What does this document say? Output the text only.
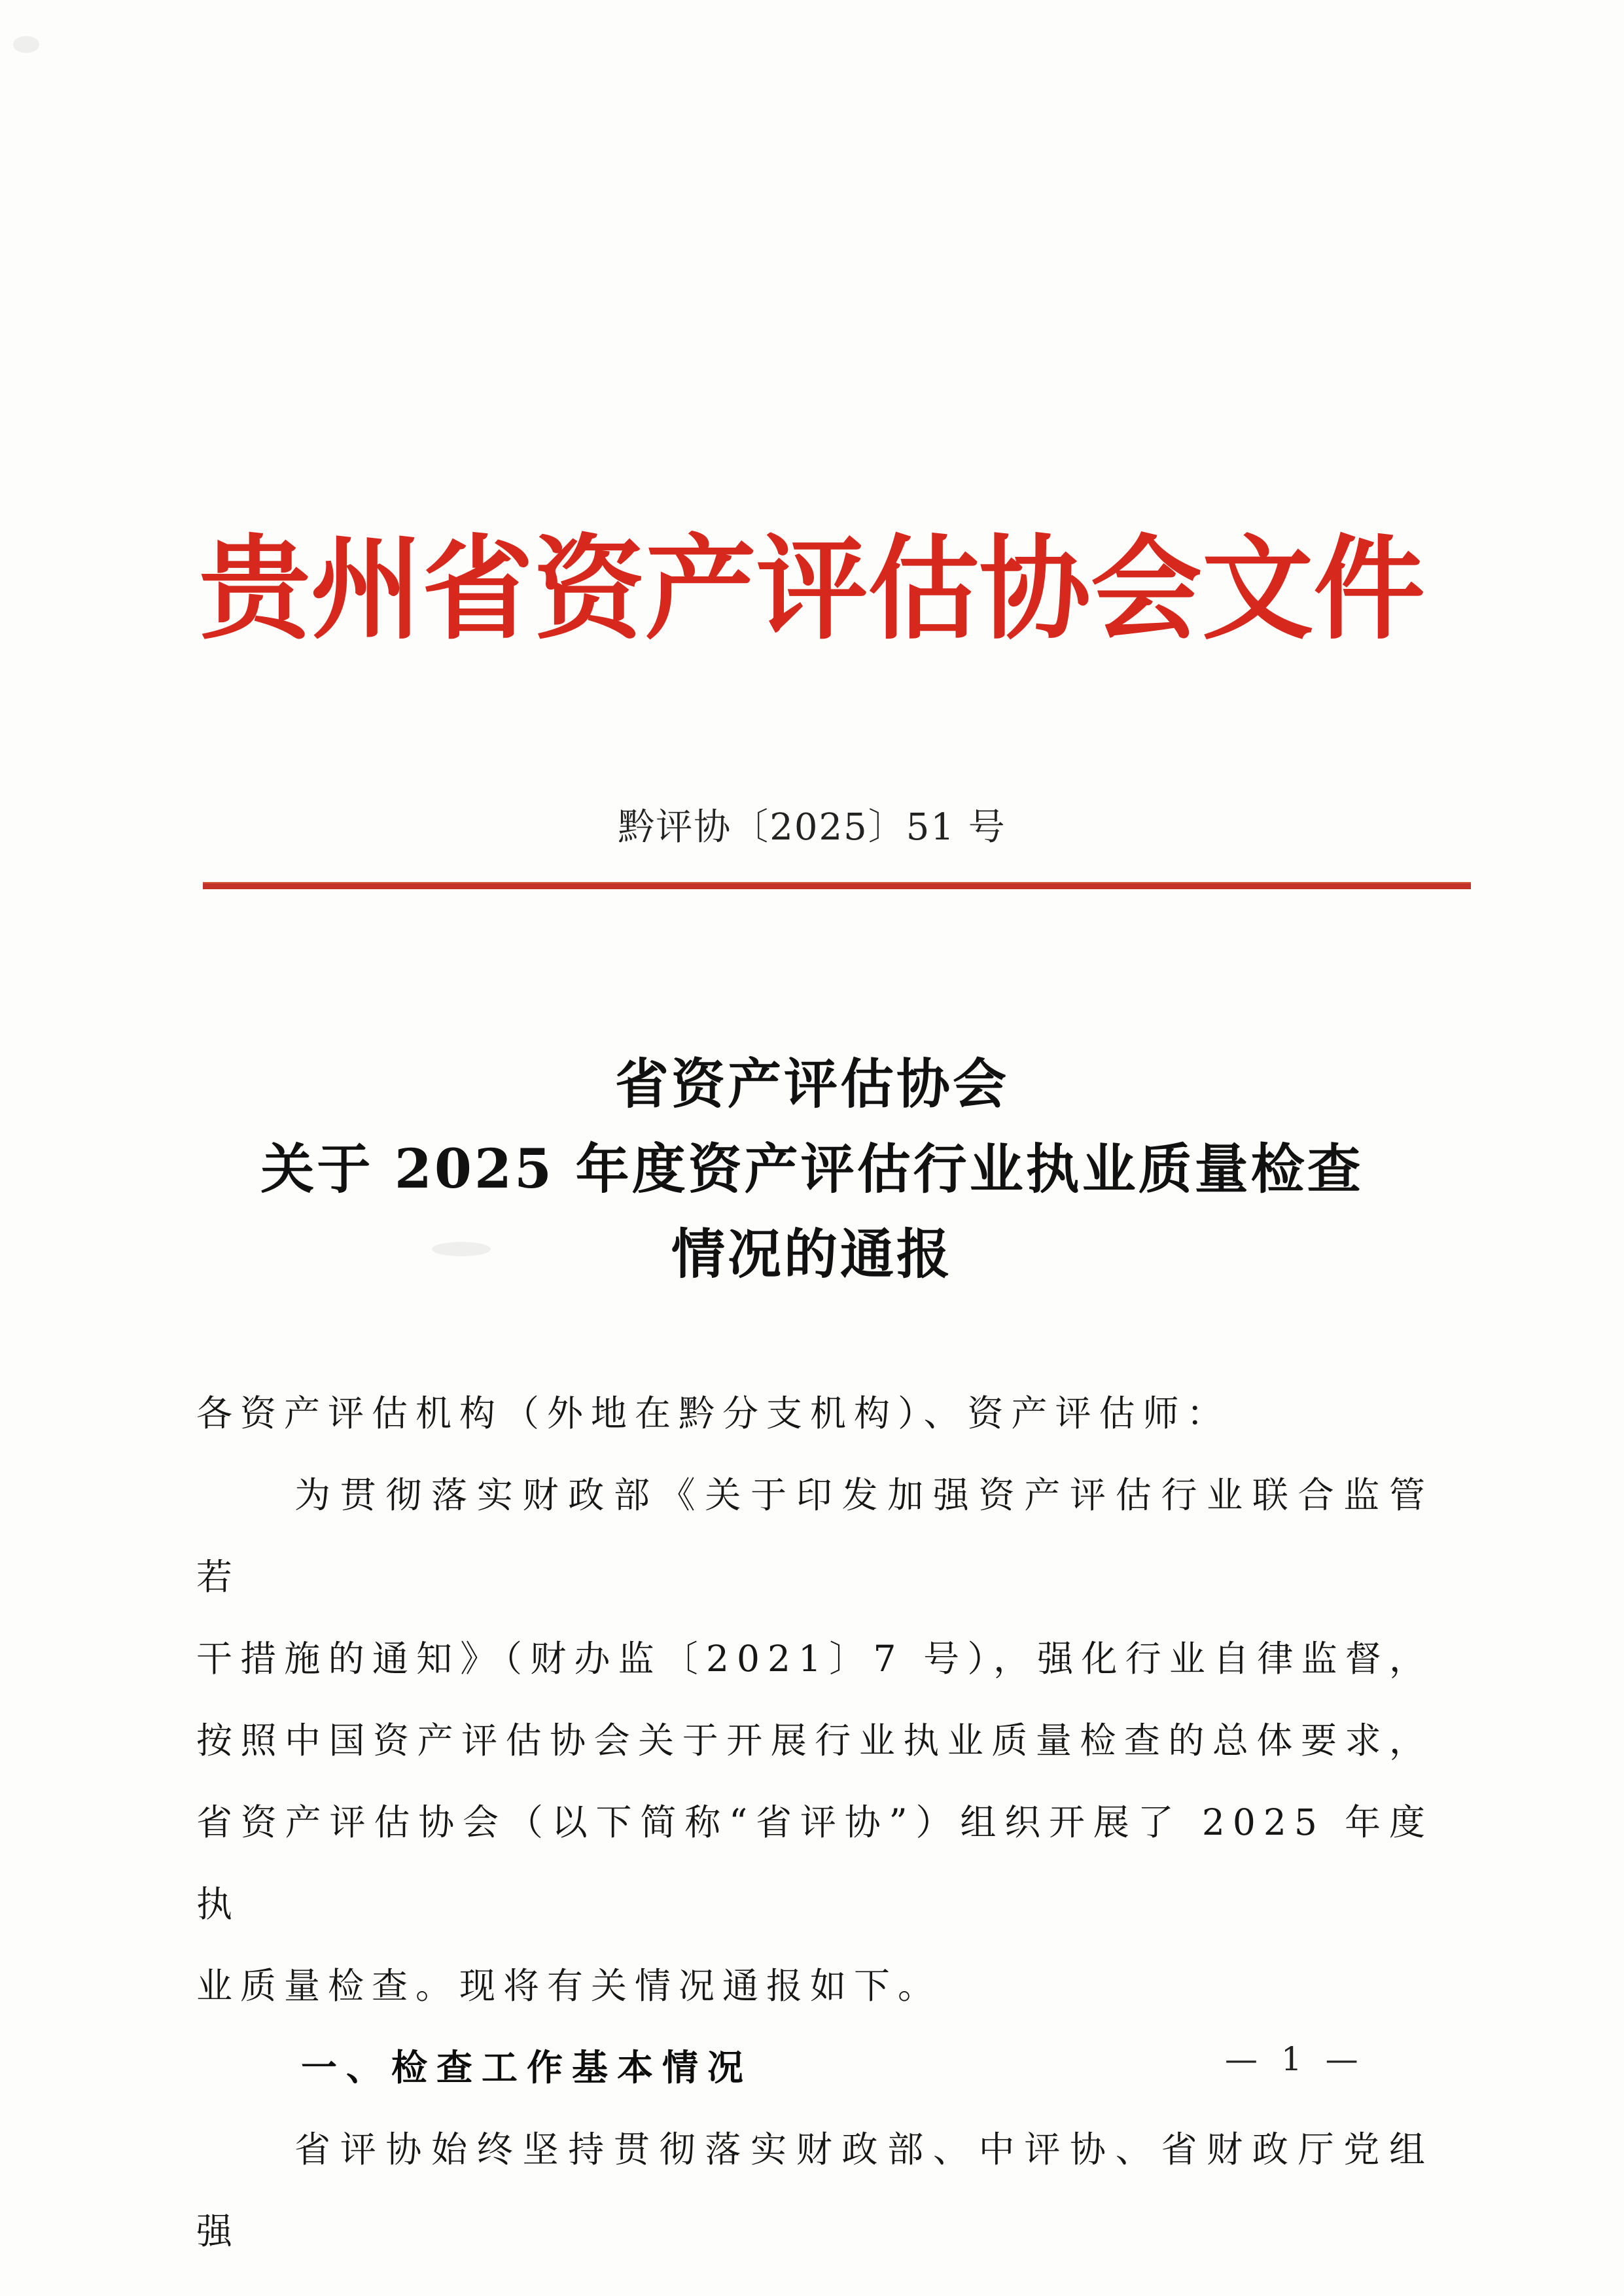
贵州省资产评估协会文件
黔评协〔2025〕51 号
省资产评估协会
关于 2025 年度资产评估行业执业质量检查
情况的通报
各资产评估机构（外地在黔分支机构）、资产评估师：
为贯彻落实财政部《关于印发加强资产评估行业联合监管若
干措施的通知》（财办监〔2021〕7 号），强化行业自律监督，
按照中国资产评估协会关于开展行业执业质量检查的总体要求，
省资产评估协会（以下简称“省评协”）组织开展了 2025 年度执
业质量检查。现将有关情况通报如下。
一、检查工作基本情况
省评协始终坚持贯彻落实财政部、中评协、省财政厅党组强
— 1 —
